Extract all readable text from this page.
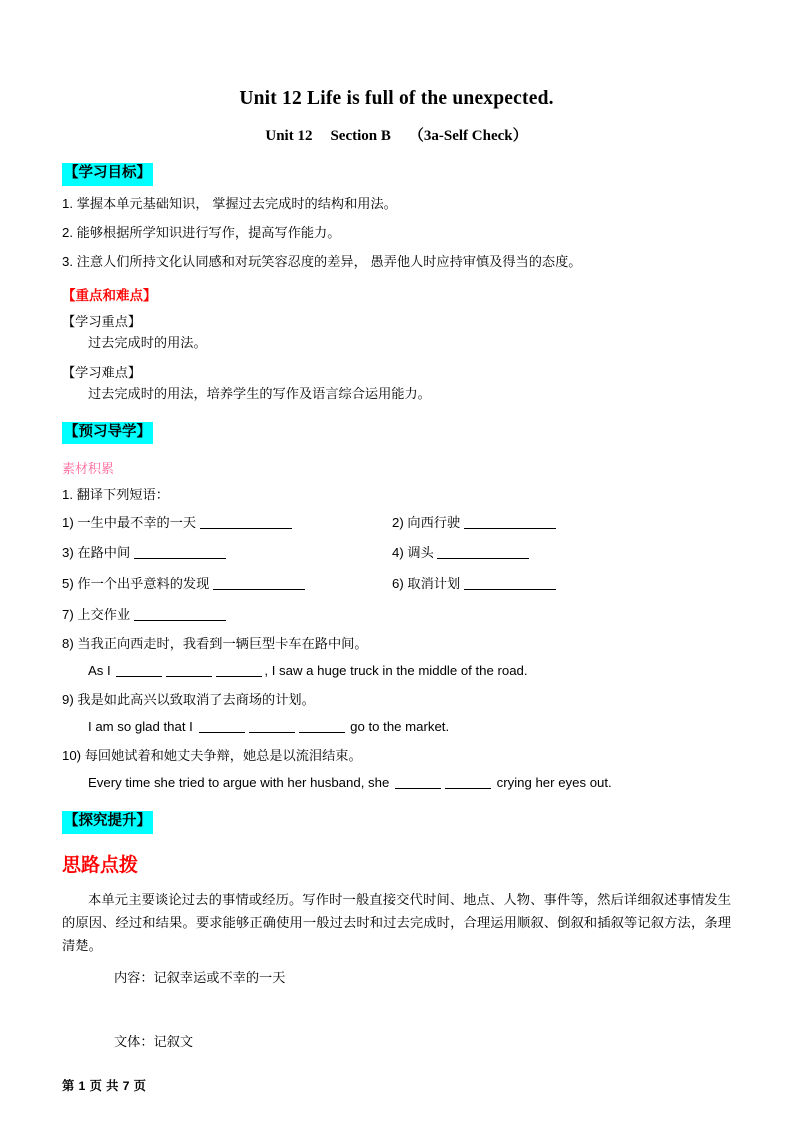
Unit 12 Life is full of the unexpected.
Unit 12 Section B （3a-Self Check）
【学习目标】

1. 掌握本单元基础知识， 掌握过去完成时的结构和用法。

2. 能够根据所学知识进行写作，提高写作能力。

3. 注意人们所持文化认同感和对玩笑容忍度的差异， 愚弄他人时应持审慎及得当的态度。

【重点和难点】
【学习重点】

过去完成时的用法。

【学习难点】

过去完成时的用法，培养学生的写作及语言综合运用能力。

【预习导学】
素材积累

1. 翻译下列短语：

1) 一生中最不幸的一天	2) 向西行驶
3) 在路中间	4) 调头
5) 作一个出乎意料的发现	6) 取消计划

7) 上交作业

8) 当我正向西走时，我看到一辆巨型卡车在路中间。

As I	, I saw a huge truck in the middle of the road.

9) 我是如此高兴以致取消了去商场的计划。

I am so glad that I	go to the market.

10) 每回她试着和她丈夫争辩，她总是以流泪结束。

Every time she tried to argue with her husband, she	crying her eyes out.

【探究提升】
思路点拨

本单元主要谈论过去的事情或经历。写作时一般直接交代时间、地点、人物、事件等，然后详细叙述事情发生的原因、经过和结果。要求能够正确使用一般过去时和过去完成时，合理运用顺叙、倒叙和插叙等记叙方法，条理清楚。

内容：记叙幸运或不幸的一天

文体：记叙文

第 1 页 共 7 页
